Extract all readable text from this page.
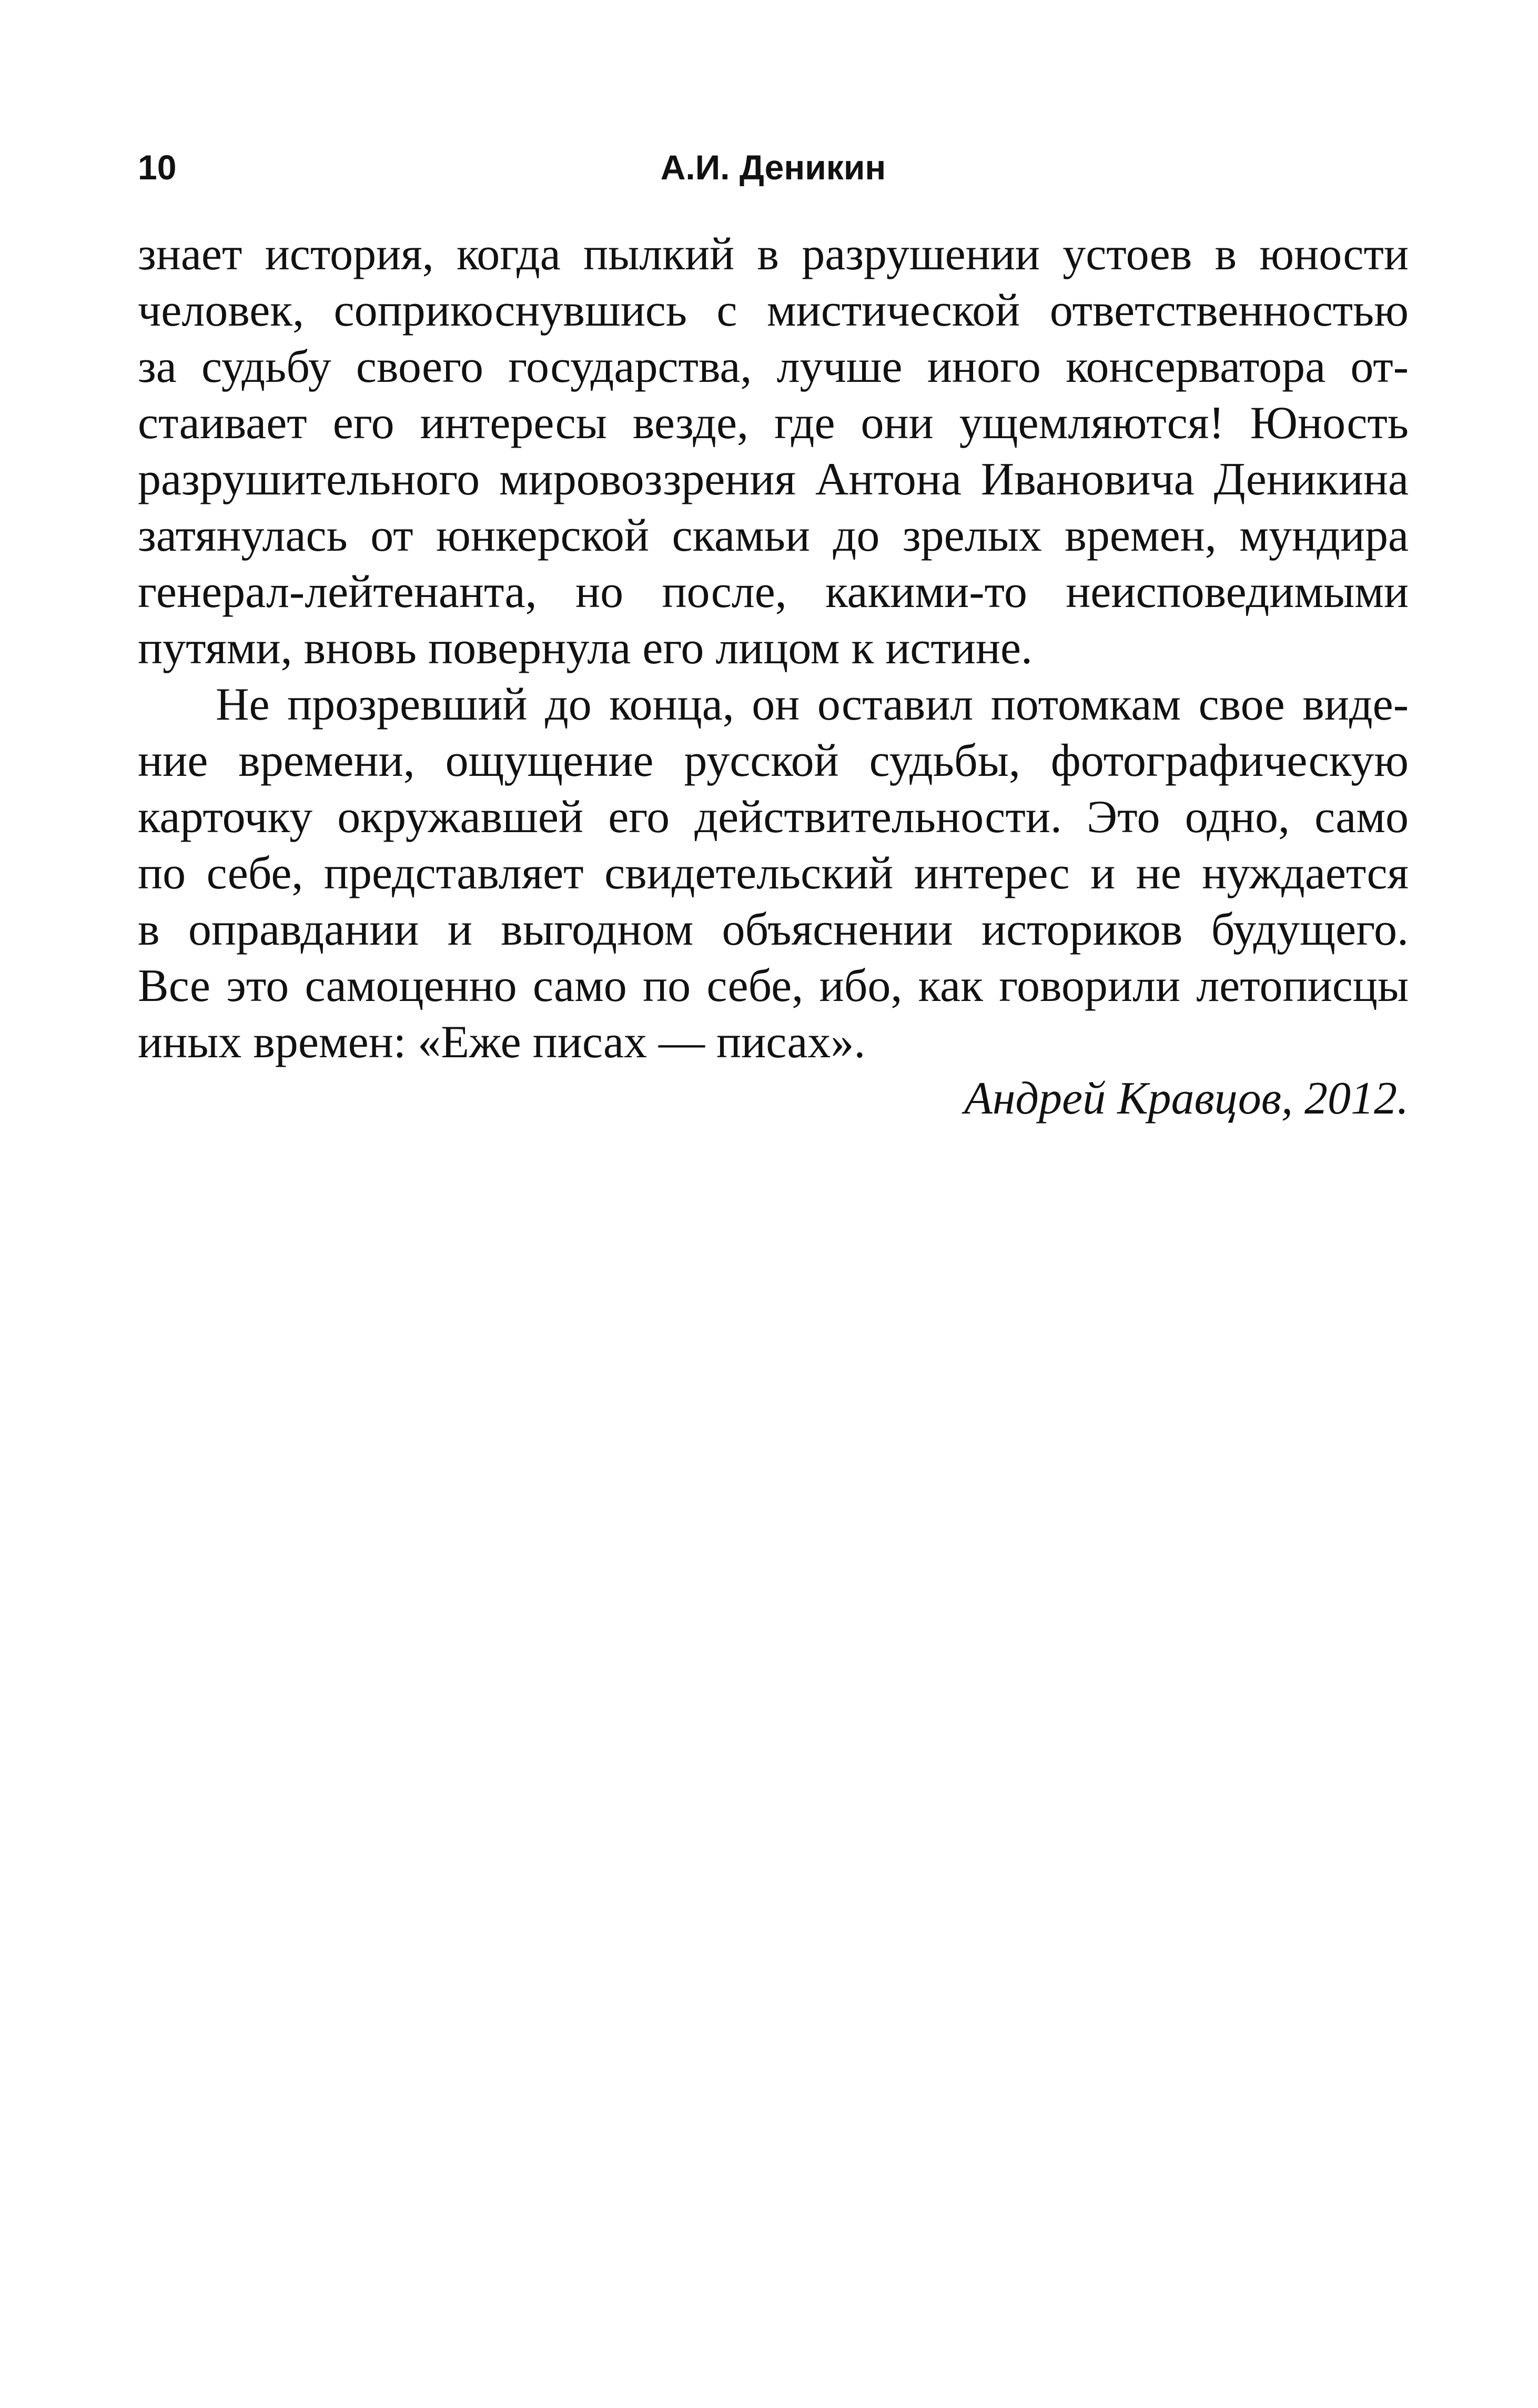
10	А.И. Деникин
знает история, когда пылкий в разрушении устоев в юности
человек, соприкоснувшись с мистической ответственностью
за судьбу своего государства, лучше иного консерватора от-
стаивает его интересы везде, где они ущемляются! Юность
разрушительного мировоззрения Антона Ивановича Деникина
затянулась от юнкерской скамьи до зрелых времен, мундира
генерал-лейтенанта, но после, какими-то неисповедимыми
путями, вновь повернула его лицом к истине.
Не прозревший до конца, он оставил потомкам свое виде-
ние времени, ощущение русской судьбы, фотографическую
карточку окружавшей его действительности. Это одно, само
по себе, представляет свидетельский интерес и не нуждается
в оправдании и выгодном объяснении историков будущего.
Все это самоценно само по себе, ибо, как говорили летописцы
иных времен: «Еже писах — писах».
Андрей Кравцов, 2012.
